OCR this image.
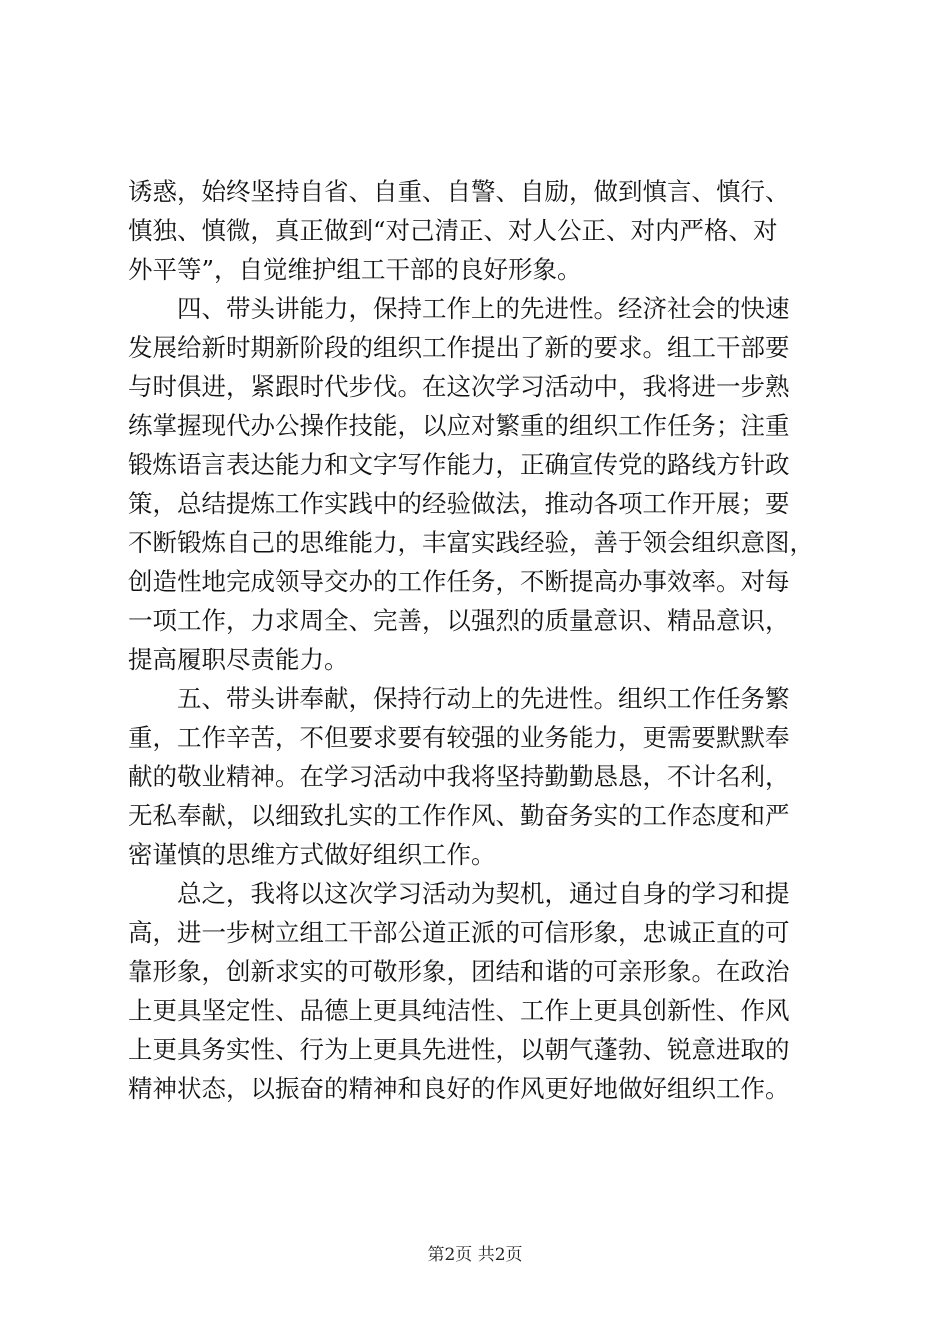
诱惑，始终坚持自省、自重、自警、自励，做到慎言、慎行、
慎独、慎微，真正做到“对己清正、对人公正、对内严格、对
外平等”，自觉维护组工干部的良好形象。
四、带头讲能力，保持工作上的先进性。经济社会的快速
发展给新时期新阶段的组织工作提出了新的要求。组工干部要
与时俱进，紧跟时代步伐。在这次学习活动中，我将进一步熟
练掌握现代办公操作技能，以应对繁重的组织工作任务；注重
锻炼语言表达能力和文字写作能力，正确宣传党的路线方针政
策，总结提炼工作实践中的经验做法，推动各项工作开展；要
不断锻炼自己的思维能力，丰富实践经验，善于领会组织意图，
创造性地完成领导交办的工作任务，不断提高办事效率。对每
一项工作，力求周全、完善，以强烈的质量意识、精品意识，
提高履职尽责能力。
五、带头讲奉献，保持行动上的先进性。组织工作任务繁
重，工作辛苦，不但要求要有较强的业务能力，更需要默默奉
献的敬业精神。在学习活动中我将坚持勤勤恳恳，不计名利，
无私奉献，以细致扎实的工作作风、勤奋务实的工作态度和严
密谨慎的思维方式做好组织工作。
总之，我将以这次学习活动为契机，通过自身的学习和提
高，进一步树立组工干部公道正派的可信形象，忠诚正直的可
靠形象，创新求实的可敬形象，团结和谐的可亲形象。在政治
上更具坚定性、品德上更具纯洁性、工作上更具创新性、作风
上更具务实性、行为上更具先进性，以朝气蓬勃、锐意进取的
精神状态，以振奋的精神和良好的作风更好地做好组织工作。
第2页 共2页
